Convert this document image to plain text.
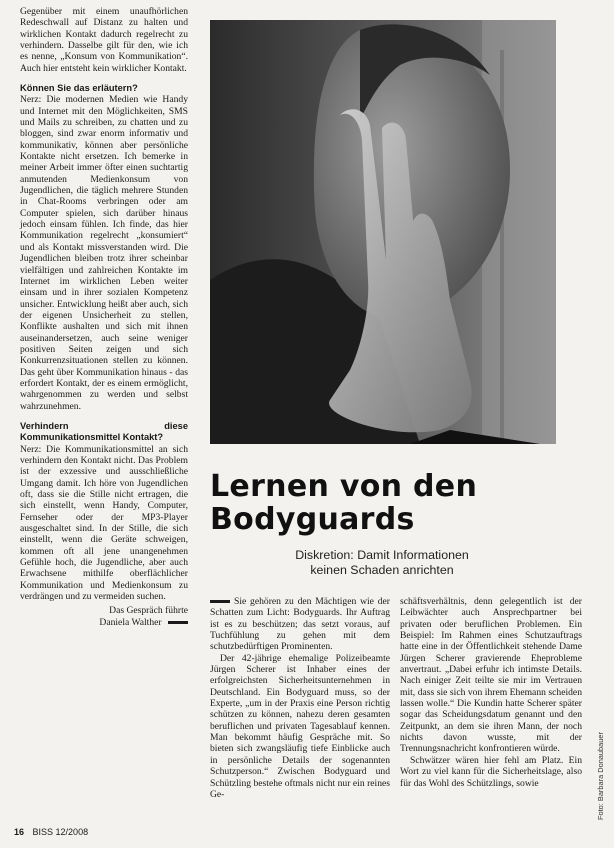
Gegenüber mit einem unaufhörlichen Redeschwall auf Distanz zu halten und wirklichen Kontakt dadurch regelrecht zu verhindern. Dasselbe gilt für den, wie ich es nenne, „Konsum von Kommunikation“. Auch hier entsteht kein wirklicher Kontakt.

Können Sie das erläutern?

Nerz: Die modernen Medien wie Handy und Internet mit den Möglichkeiten, SMS und Mails zu schreiben, zu chatten und zu bloggen, sind zwar enorm informativ und kommunikativ, können aber persönliche Kontakte nicht ersetzen. Ich bemerke in meiner Arbeit immer öfter einen suchtartig anmutenden Medienkonsum von Jugendlichen, die täglich mehrere Stunden in Chat-Rooms verbringen oder am Computer spielen, sich darüber hinaus jedoch einsam fühlen. Ich finde, das hier Kommunikation regelrecht „konsumiert“ und als Kontakt missverstanden wird. Die Jugendlichen bleiben trotz ihrer scheinbar vielfältigen und zahlreichen Kontakte im Internet im wirklichen Leben weiter einsam und in ihrer sozialen Kompetenz unsicher. Entwicklung heißt aber auch, sich der eigenen Unsicherheit zu stellen, Konflikte aushalten und sich mit ihnen auseinandersetzen, auch seine weniger positiven Seiten zeigen und sich Konkurrenzsituationen stellen zu können. Das geht über Kommunikation hinaus - das erfordert Kontakt, der es einem ermöglicht, wahrgenommen zu werden und selbst wahrzunehmen.

Verhindern diese Kommunikationsmittel Kontakt?

Nerz: Die Kommunikationsmittel an sich verhindern den Kontakt nicht. Das Problem ist der exzessive und ausschließliche Umgang damit. Ich höre von Jugendlichen oft, dass sie die Stille nicht ertragen, die sich einstellt, wenn Handy, Computer, Fernseher oder der MP3-Player ausgeschaltet sind. In der Stille, die sich einstellt, wenn die Geräte schweigen, kommen oft all jene unangenehmen Gefühle hoch, die Jugendliche, aber auch Erwachsene mithilfe oberflächlicher Kommunikation und Medienkonsum zu verdrängen und zu vermeiden suchen.

Das Gespräch führte

Daniela Walther

Lernen von den
Bodyguards
Diskretion: Damit Informationen
keinen Schaden anrichten

Sie gehören zu den Mächtigen wie der Schatten zum Licht: Bodyguards. Ihr Auftrag ist es zu beschützen; das setzt voraus, auf Tuchfühlung zu gehen mit dem schutzbedürftigen Prominenten.

Der 42-jährige ehemalige Polizeibeamte Jürgen Scherer ist Inhaber eines der erfolgreichsten Sicherheitsunternehmen in Deutschland. Ein Bodyguard muss, so der Experte, „um in der Praxis eine Person richtig schützen zu können, nahezu deren gesamten beruflichen und privaten Tagesablauf kennen. Man bekommt häufig Gespräche mit. So bieten sich zwangsläufig tiefe Einblicke auch in persönliche Details der sogenannten Schutzperson.“ Zwischen Bodyguard und Schützling bestehe oftmals nicht nur ein reines Ge-

schäftsverhältnis, denn gelegentlich ist der Leibwächter auch Ansprechpartner bei privaten oder beruflichen Problemen. Ein Beispiel: Im Rahmen eines Schutzauftrags hatte eine in der Öffentlichkeit stehende Dame Jürgen Scherer gravierende Eheprobleme anvertraut. „Dabei erfuhr ich intimste Details. Nach einiger Zeit teilte sie mir im Vertrauen mit, dass sie sich von ihrem Ehemann scheiden lassen wolle.“ Die Kundin hatte Scherer später sogar das Scheidungsdatum genannt und den Zeitpunkt, an dem sie ihren Mann, der noch nichts davon wusste, mit der Trennungsnachricht konfrontieren würde.

Schwätzer wären hier fehl am Platz. Ein Wort zu viel kann für die Sicherheitslage, also für das Wohl des Schützlings, sowie

16 BISS 12/2008
Foto: Barbara Donaubauer
